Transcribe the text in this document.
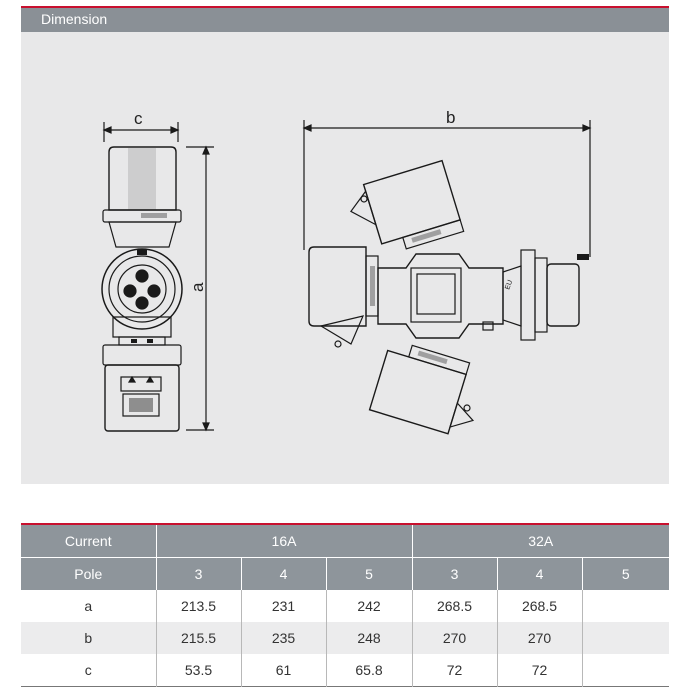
Dimension
EU
c
a
b
Current	16A			32A		
Pole	3	4	5	3	4	5
a	213.5	231	242	268.5	268.5	
b	215.5	235	248	270	270	
c	53.5	61	65.8	72	72	
